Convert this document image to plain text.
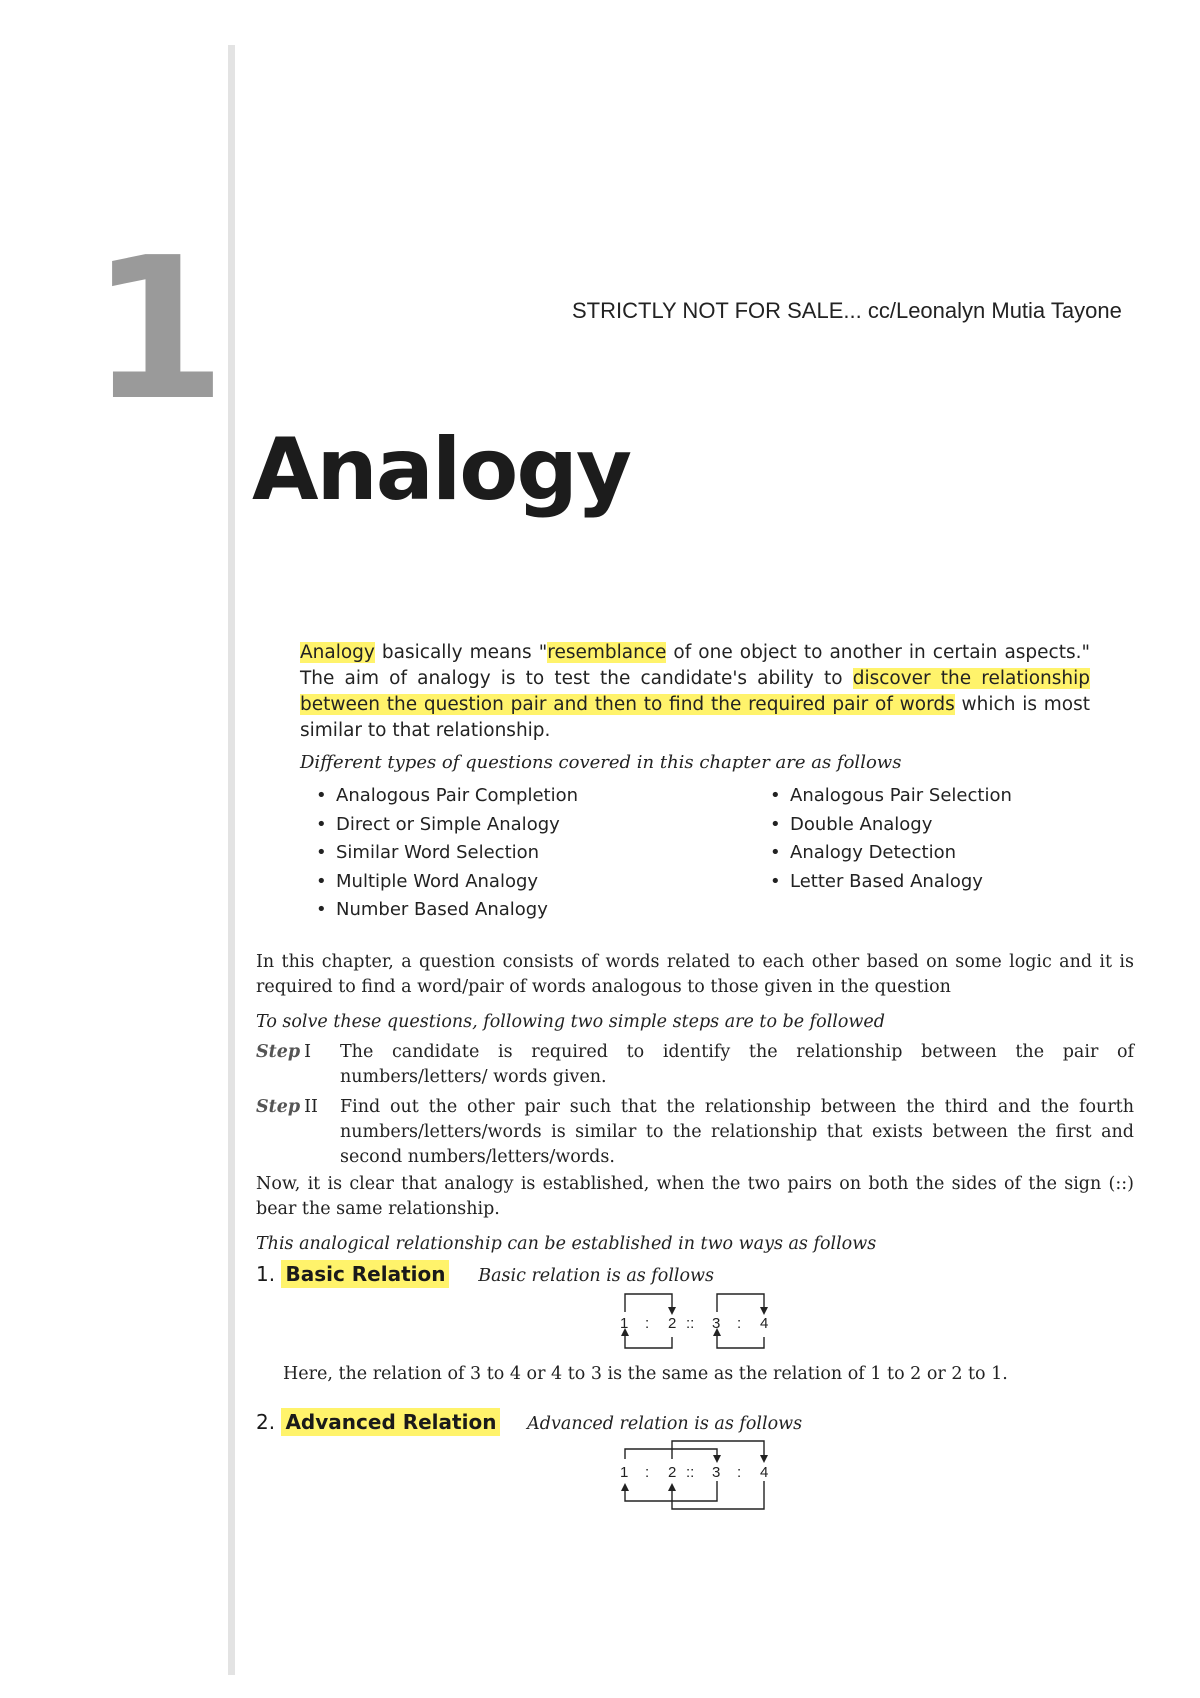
1	STRICTLY NOT FOR SALE... cc/Leonalyn Mutia Tayone
Analogy
Analogy basically means "resemblance of one object to another in certain aspects." The aim of analogy is to test the candidate's ability to discover the relationship between the question pair and then to find the required pair of words which is most similar to that relationship.
Different types of questions covered in this chapter are as follows
• Analogous Pair Completion
• Direct or Simple Analogy
• Similar Word Selection
• Multiple Word Analogy
• Number Based Analogy
• Analogous Pair Selection
• Double Analogy
• Analogy Detection
• Letter Based Analogy
In this chapter, a question consists of words related to each other based on some logic and it is required to find a word/pair of words analogous to those given in the question
To solve these questions, following two simple steps are to be followed
Step I	The candidate is required to identify the relationship between the pair of numbers/letters/ words given.
Step II	Find out the other pair such that the relationship between the third and the fourth numbers/letters/words is similar to the relationship that exists between the first and second numbers/letters/words.
Now, it is clear that analogy is established, when the two pairs on both the sides of the sign (::) bear the same relationship.
This analogical relationship can be established in two ways as follows
1. Basic Relation Basic relation is as follows
1 : 2 :: 3 : 4
Here, the relation of 3 to 4 or 4 to 3 is the same as the relation of 1 to 2 or 2 to 1.
2. Advanced Relation Advanced relation is as follows
1 : 2 :: 3 : 4
